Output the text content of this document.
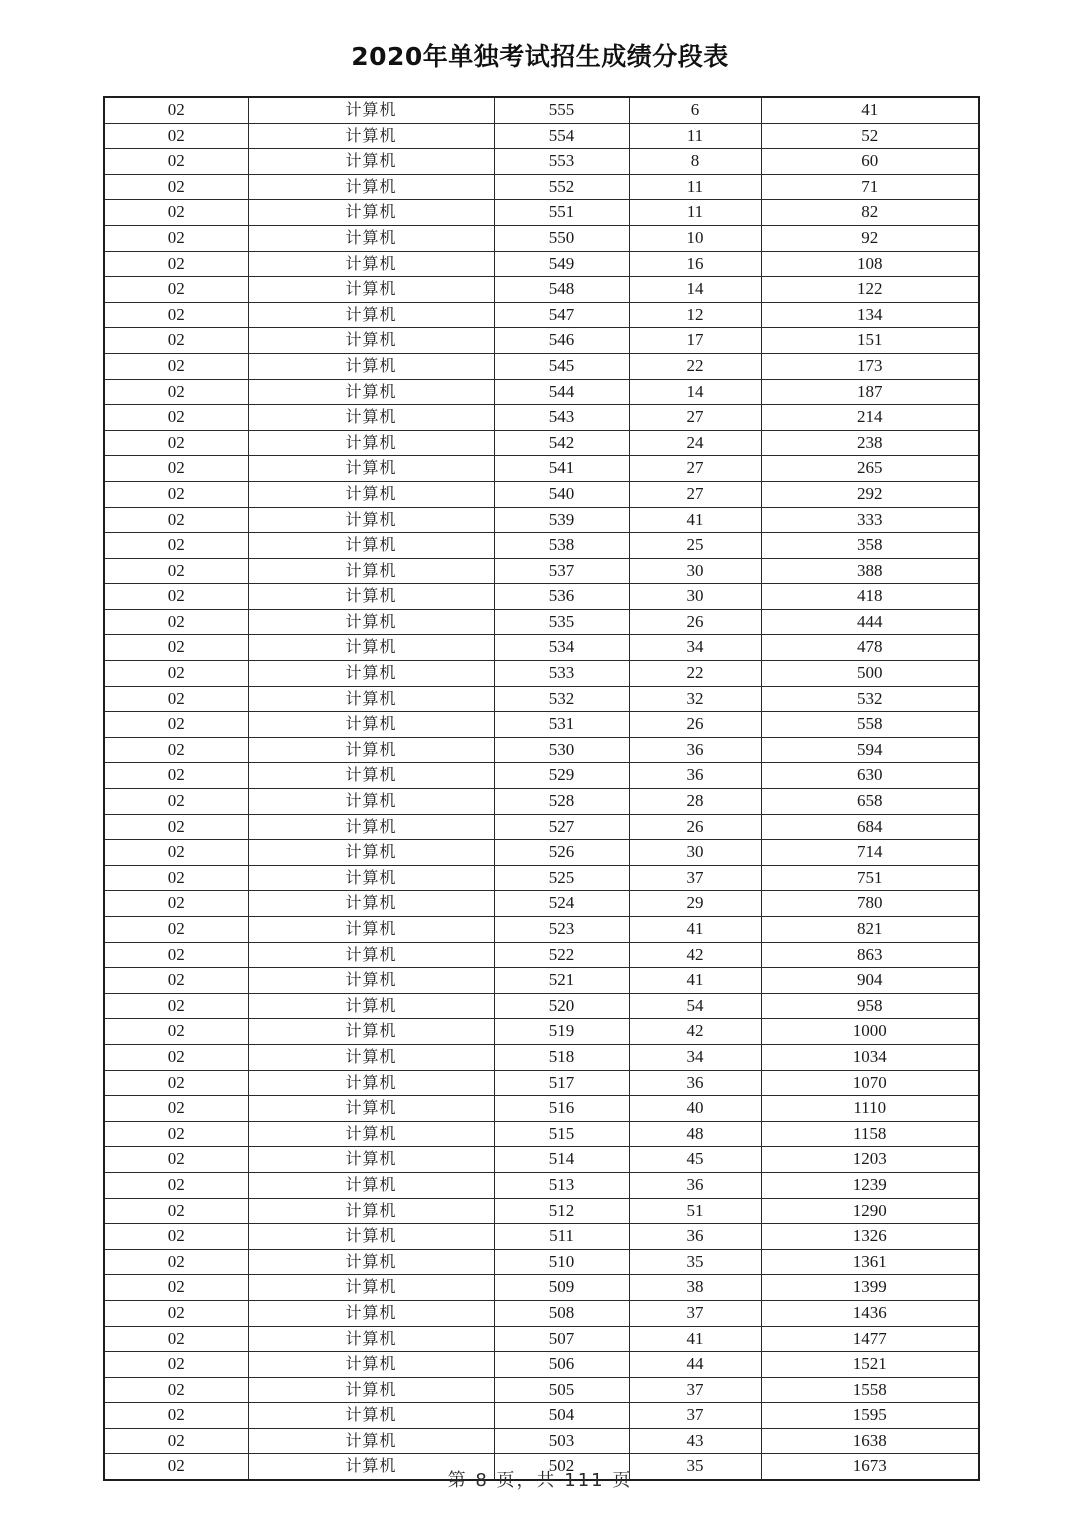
2020年单独考试招生成绩分段表
02	计算机	555	6	41
02	计算机	554	11	52
02	计算机	553	8	60
02	计算机	552	11	71
02	计算机	551	11	82
02	计算机	550	10	92
02	计算机	549	16	108
02	计算机	548	14	122
02	计算机	547	12	134
02	计算机	546	17	151
02	计算机	545	22	173
02	计算机	544	14	187
02	计算机	543	27	214
02	计算机	542	24	238
02	计算机	541	27	265
02	计算机	540	27	292
02	计算机	539	41	333
02	计算机	538	25	358
02	计算机	537	30	388
02	计算机	536	30	418
02	计算机	535	26	444
02	计算机	534	34	478
02	计算机	533	22	500
02	计算机	532	32	532
02	计算机	531	26	558
02	计算机	530	36	594
02	计算机	529	36	630
02	计算机	528	28	658
02	计算机	527	26	684
02	计算机	526	30	714
02	计算机	525	37	751
02	计算机	524	29	780
02	计算机	523	41	821
02	计算机	522	42	863
02	计算机	521	41	904
02	计算机	520	54	958
02	计算机	519	42	1000
02	计算机	518	34	1034
02	计算机	517	36	1070
02	计算机	516	40	1110
02	计算机	515	48	1158
02	计算机	514	45	1203
02	计算机	513	36	1239
02	计算机	512	51	1290
02	计算机	511	36	1326
02	计算机	510	35	1361
02	计算机	509	38	1399
02	计算机	508	37	1436
02	计算机	507	41	1477
02	计算机	506	44	1521
02	计算机	505	37	1558
02	计算机	504	37	1595
02	计算机	503	43	1638
02	计算机	502	35	1673
第 8 页，共 111 页
